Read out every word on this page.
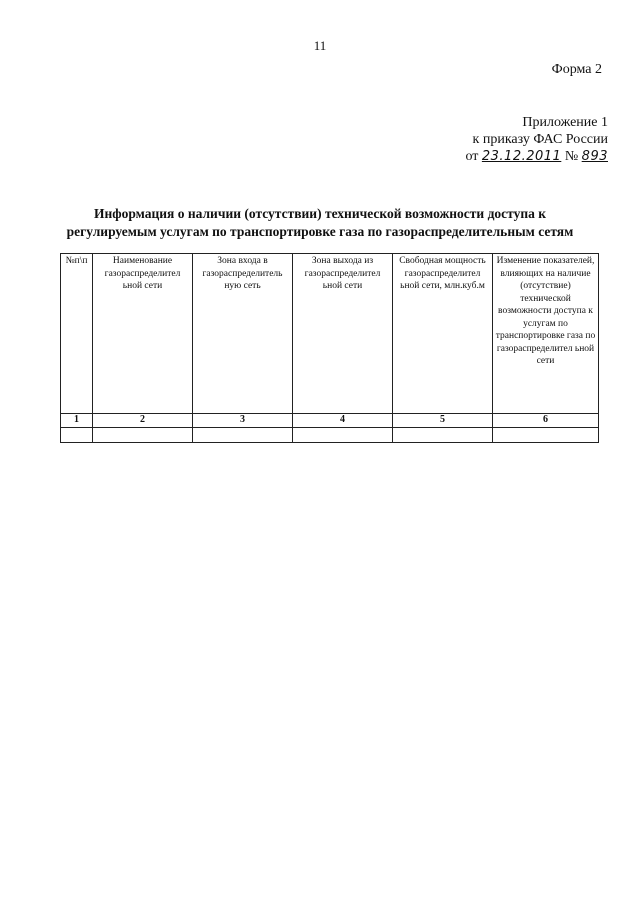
11
Форма 2
Приложение 1
к приказу ФАС России
от 23.12.2011 № 893
Информация о наличии (отсутствии) технической возможности доступа к
регулируемым услугам по транспортировке газа по газораспределительным сетям
№п\п	Наименование газораспределител ьной сети	Зона входа в газораспределитель ную сеть	Зона выхода из газораспределител ьной сети	Свободная мощность газораспределител ьной сети, млн.куб.м	Изменение показателей, влияющих на наличие (отсутствие) технической возможности доступа к услугам по транспортировке газа по газораспределител ьной сети
1	2	3	4	5	6
